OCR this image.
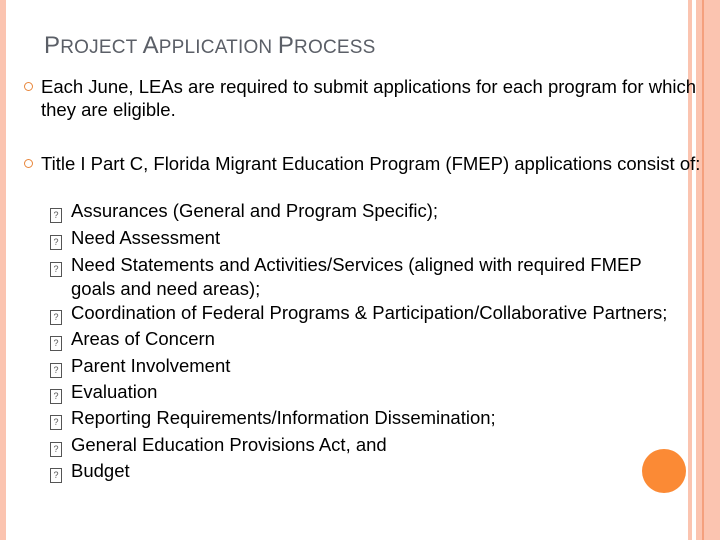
PROJECT APPLICATION PROCESS
Each June, LEAs are required to submit applications for each program for which they are eligible.
Title I Part C, Florida Migrant Education Program (FMEP) applications consist of:
? Assurances (General and Program Specific);
? Need Assessment
? Need Statements and Activities/Services (aligned with required FMEP
goals and need areas);
? Coordination of Federal Programs & Participation/Collaborative Partners;
? Areas of Concern
? Parent Involvement
? Evaluation
? Reporting Requirements/Information Dissemination;
? General Education Provisions Act, and
? Budget
